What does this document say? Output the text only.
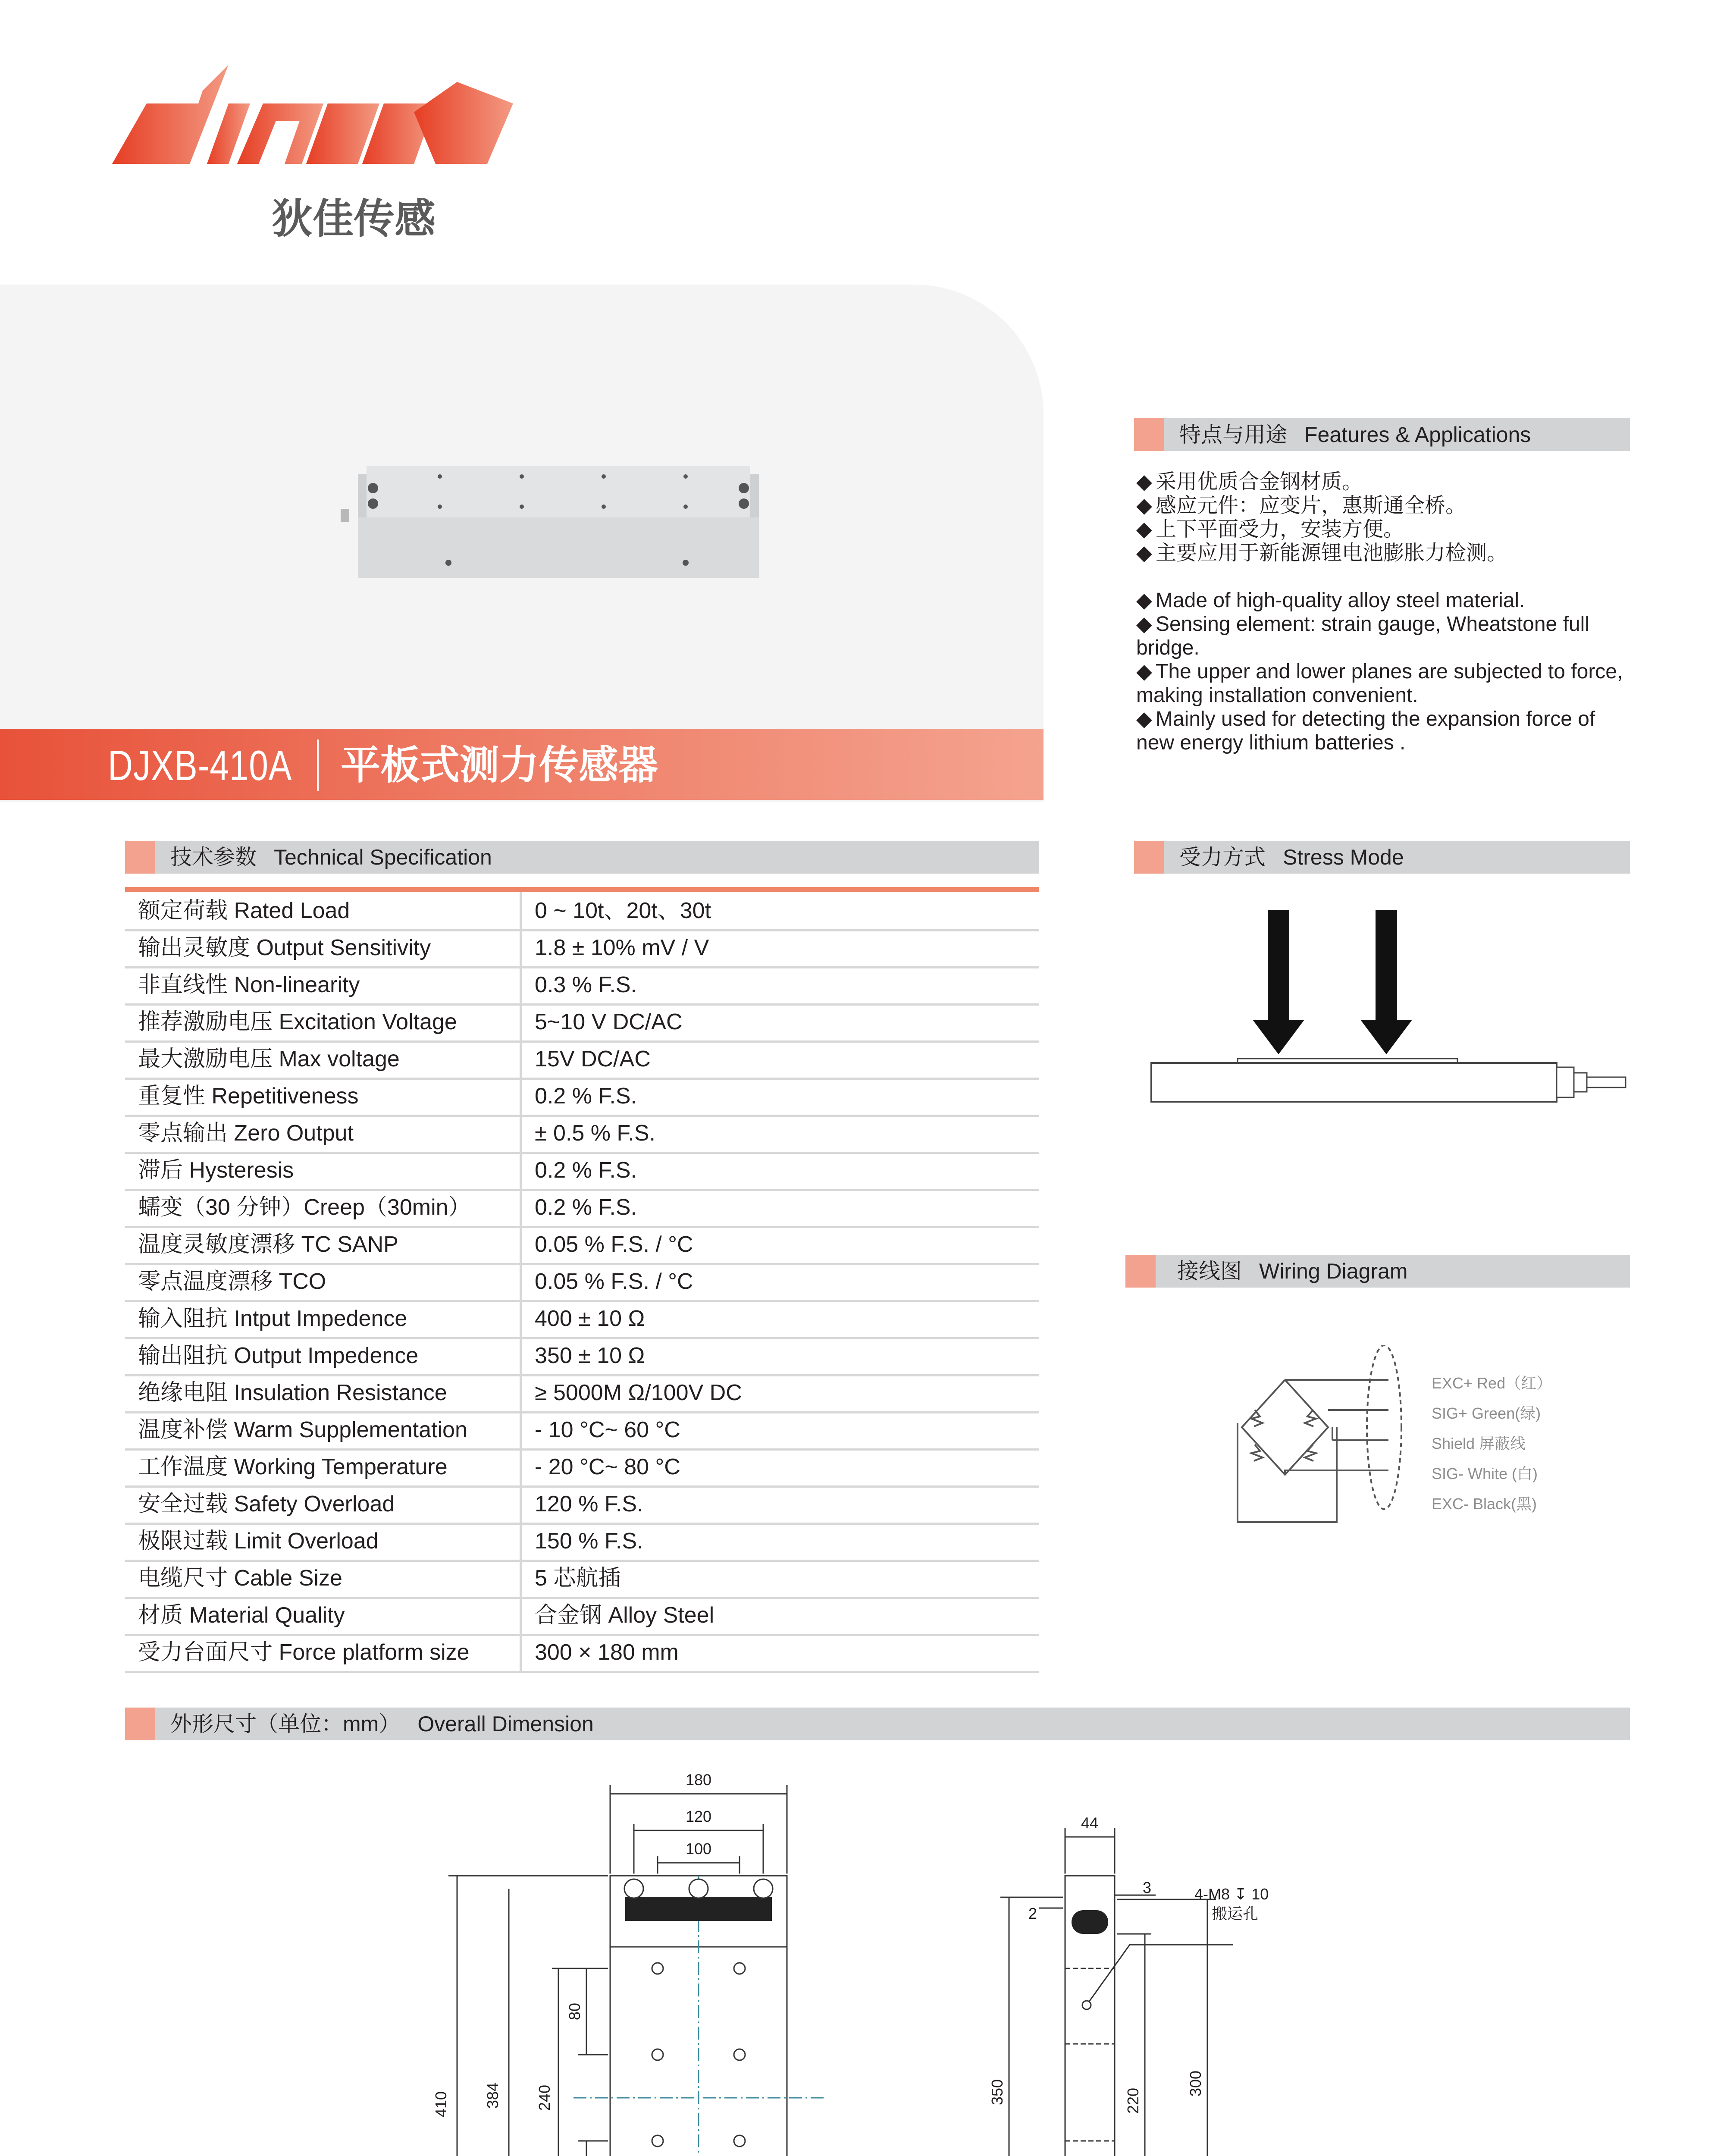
狄佳传感
DJXB-410A 平板式测力传感器
特点与用途 Features & Applications
◆ 采用优质合金钢材质。
◆ 感应元件：应变片，惠斯通全桥。
◆ 上下平面受力，安装方便。
◆ 主要应用于新能源锂电池膨胀力检测。
◆ Made of high-quality alloy steel material.
◆ Sensing element: strain gauge, Wheatstone full bridge.
◆ The upper and lower planes are subjected to force, making installation convenient.
◆ Mainly used for detecting the expansion force of new energy lithium batteries .
技术参数 Technical Specification
额定荷载 Rated Load	0 ~ 10t、20t、30t
输出灵敏度 Output Sensitivity	1.8 ± 10% mV / V
非直线性 Non-linearity	0.3 % F.S.
推荐激励电压 Excitation Voltage	5~10 V DC/AC
最大激励电压 Max voltage	15V DC/AC
重复性 Repetitiveness	0.2 % F.S.
零点输出 Zero Output	± 0.5 % F.S.
滞后 Hysteresis	0.2 % F.S.
蠕变（30 分钟）Creep（30min）	0.2 % F.S.
温度灵敏度漂移 TC SANP	0.05 % F.S. / °C
零点温度漂移 TCO	0.05 % F.S. / °C
输入阻抗 Intput Impedence	400 ± 10 Ω
输出阻抗 Output Impedence	350 ± 10 Ω
绝缘电阻 Insulation Resistance	≥ 5000M Ω/100V DC
温度补偿 Warm Supplementation	- 10 °C~ 60 °C
工作温度 Working Temperature	- 20 °C~ 80 °C
安全过载 Safety Overload	120 % F.S.
极限过载 Limit Overload	150 % F.S.
电缆尺寸 Cable Size	5 芯航插
材质 Material Quality	合金钢 Alloy Steel
受力台面尺寸 Force platform size	300 × 180 mm
受力方式 Stress Mode
接线图 Wiring Diagram
EXC+ Red（红）
SIG+ Green(绿)
Shield 屏蔽线
SIG- White (白)
EXC- Black(黑)
外形尺寸（单位：mm） Overall Dimension
180
120
100
410 384 240
80
44
3
2
350	220
300
4-M8 ↧ 10
搬运孔
